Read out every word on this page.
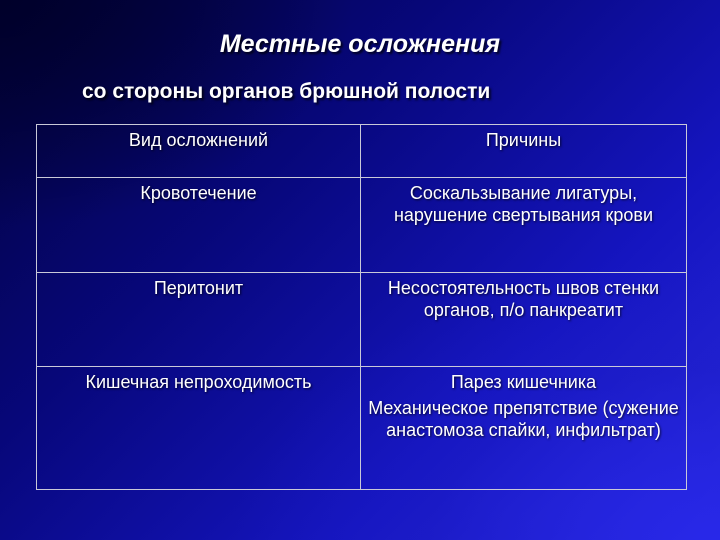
Местные осложнения
со стороны органов брюшной полости
Вид осложнений	Причины
Кровотечение	Соскальзывание лигатуры, нарушение свертывания крови

Перитонит	Несостоятельность швов стенки органов, п/о панкреатит

Кишечная непроходимость	Парез кишечника
Механическое препятствие (сужение анастомоза спайки, инфильтрат)
